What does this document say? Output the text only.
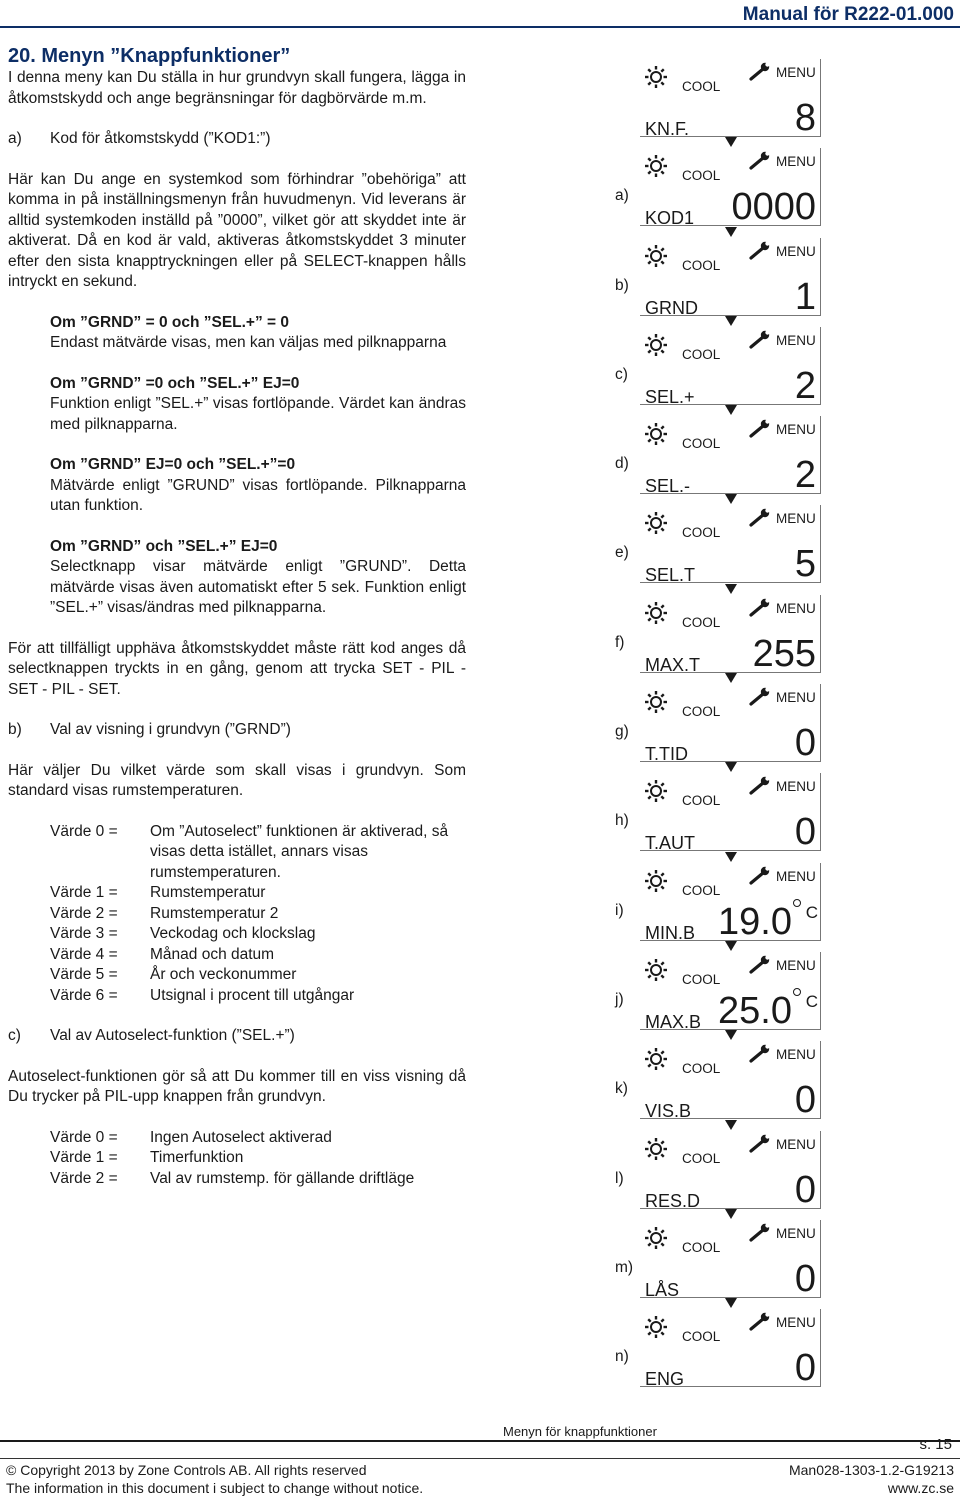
Manual för R222-01.000

20. Menyn ”Knappfunktioner”

I denna meny kan Du ställa in hur grundvyn skall fungera, lägga in åtkomstskydd och ange begränsningar för dagbörvärde m.m.

a)	Kod för åtkomstskydd (”KOD1:”)

Här kan Du ange en systemkod som förhindrar ”obehöriga” att komma in på inställningsmenyn från huvudmenyn. Vid leverans är alltid systemkoden inställd på ”0000”, vilket gör att skyddet inte är aktiverat. Då en kod är vald, aktiveras åtkomstskyddet 3 minuter efter den sista knapptryckningen eller på SELECT-knappen hålls intryckt en sekund.

Om ”GRND” = 0 och ”SEL.+” = 0

Endast mätvärde visas, men kan väljas med pilknapparna

Om ”GRND” =0 och ”SEL.+” EJ=0

Funktion enligt ”SEL.+” visas fortlöpande. Värdet kan ändras med pilknapparna.

Om ”GRND” EJ=0 och ”SEL.+”=0

Mätvärde enligt ”GRUND” visas fortlöpande. Pilknapparna utan funktion.

Om ”GRND” och ”SEL.+” EJ=0

Selectknapp visar mätvärde enligt ”GRUND”. Detta mätvärde visas även automatiskt efter 5 sek. Funktion enligt ”SEL.+” visas/ändras med pilknapparna.

För att tillfälligt upphäva åtkomstskyddet måste rätt kod anges då selectknappen tryckts in en gång, genom att trycka SET - PIL - SET - PIL - SET.

b)	Val av visning i grundvyn (”GRND”)

Här väljer Du vilket värde som skall visas i grundvyn. Som standard visas rumstemperaturen.

Värde 0 =	Om ”Autoselect” funktionen är aktiverad, så visas detta istället, annars visas rumstemperaturen.
Värde 1 =	Rumstemperatur
Värde 2 =	Rumstemperatur 2
Värde 3 =	Veckodag och klockslag
Värde 4 =	Månad och datum
Värde 5 =	År och veckonummer
Värde 6 =	Utsignal i procent till utgångar
c)	Val av Autoselect-funktion (”SEL.+”)

Autoselect-funktionen gör så att Du kommer till en viss visning då Du trycker på PIL-upp knappen från grundvyn.

Värde 0 =	Ingen Autoselect aktiverad
Värde 1 =	Timerfunktion
Värde 2 =	Val av rumstemp. för gällande driftläge
COOL
MENU
KN.F.	8
a)
COOL
MENU
KOD1 0000
b)
COOL
MENU
GRND	1
c)
COOL
MENU
SEL.+	2
d)
COOL
MENU
SEL.-	2
e)
COOL
MENU
SEL.T	5
f)
COOL
MENU
MAX.T 255
g)
COOL
MENU
T.TID	0
h)
COOL
MENU
T.AUT	0
i)
COOL
MENU
MIN.B
C
19.0
j)
COOL
MENU
MAX.B
C
25.0
k)
COOL
MENU
VIS.B	0
l)
COOL
MENU
RES.D 0
m)
COOL
MENU
LÅS	0
n)
COOL
MENU
ENG	0
Menyn för knappfunktioner
s. 15
© Copyright 2013 by Zone Controls AB. All rights reserved
The information in this document i subject to change without notice.
Man028-1303-1.2-G19213
www.zc.se
